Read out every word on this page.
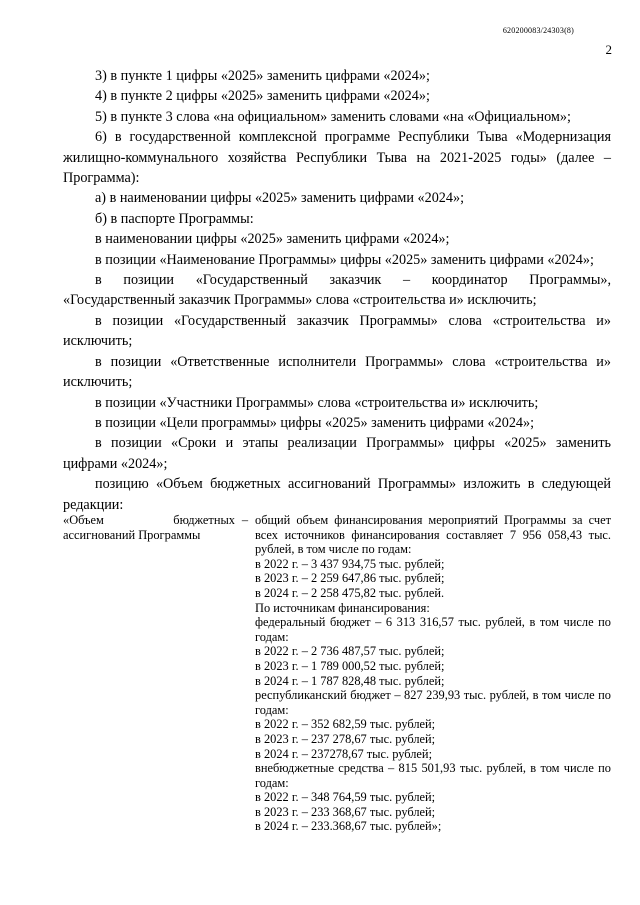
620200083/24303(8)
2

3) в пункте 1 цифры «2025» заменить цифрами «2024»;

4) в пункте 2 цифры «2025» заменить цифрами «2024»;

5) в пункте 3 слова «на официальном» заменить словами «на «Официальном»;

6) в государственной комплексной программе Республики Тыва «Модернизация жилищно-коммунального хозяйства Республики Тыва на 2021-2025 годы» (далее – Программа):

а) в наименовании цифры «2025» заменить цифрами «2024»;

б) в паспорте Программы:

в наименовании цифры «2025» заменить цифрами «2024»;

в позиции «Наименование Программы» цифры «2025» заменить цифрами «2024»;

в позиции «Государственный заказчик – координатор Программы», «Государственный заказчик Программы» слова «строительства и» исключить;

в позиции «Государственный заказчик Программы» слова «строительства и» исключить;

в позиции «Ответственные исполнители Программы» слова «строительства и» исключить;

в позиции «Участники Программы» слова «строительства и» исключить;

в позиции «Цели программы» цифры «2025» заменить цифрами «2024»;

в позиции «Сроки и этапы реализации Программы» цифры «2025» заменить цифрами «2024»;

позицию «Объем бюджетных ассигнований Программы» изложить в следующей редакции:

«Объем бюджетных ассигнований Программы
– общий объем финансирования мероприятий Программы за счет всех источников финансирования составляет 7 956 058,43 тыс. рублей, в том числе по годам:
в 2022 г. – 3 437 934,75 тыс. рублей;
в 2023 г. – 2 259 647,86 тыс. рублей;
в 2024 г. – 2 258 475,82 тыс. рублей.
По источникам финансирования:
федеральный бюджет – 6 313 316,57 тыс. рублей, в том числе по годам:
в 2022 г. – 2 736 487,57 тыс. рублей;
в 2023 г. – 1 789 000,52 тыс. рублей;
в 2024 г. – 1 787 828,48 тыс. рублей;
республиканский бюджет – 827 239,93 тыс. рублей, в том числе по годам:
в 2022 г. – 352 682,59 тыс. рублей;
в 2023 г. – 237 278,67 тыс. рублей;
в 2024 г. – 237278,67 тыс. рублей;
внебюджетные средства – 815 501,93 тыс. рублей, в том числе по годам:
в 2022 г. – 348 764,59 тыс. рублей;
в 2023 г. – 233 368,67 тыс. рублей;
в 2024 г. – 233.368,67 тыс. рублей»;
